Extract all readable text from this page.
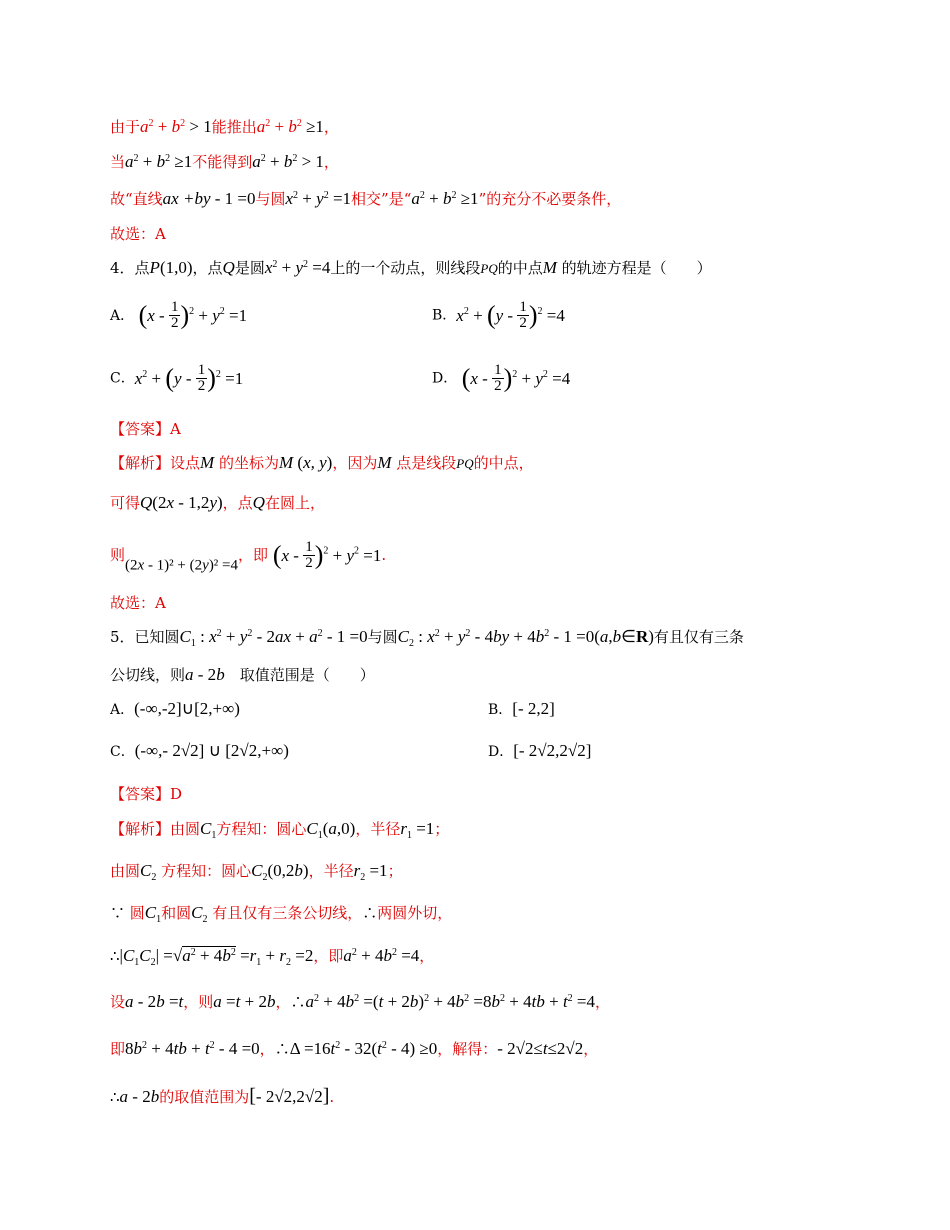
由于$a^2 + b^2 > 1$能推出$a^2 + b^2 \ge 1$，
当$a^2 + b^2 \ge 1$不能得到$a^2 + b^2 > 1$，
故“直线ax +by - 1 =0与圆$x^2 + y^2 =1$相交”是“$a^2 + b^2 \ge 1$”的充分不必要条件，
故选：A
4．点P(1,0)，点Q是圆$x^2 + y^2 =4$上的一个动点，则线段PQ的中点M 的轨迹方程是（　　）
A． $(x - \frac{1}{2} )^2 + y^2 =1$	B．$x^2 + (y - \frac{1}{2} )^2 =4$
C．$x^2 + (y - \frac{1}{2} )^2 =1$	D． $(x - \frac{1}{2} )^2 + y^2 =4$
【答案】A
【解析】设点M 的坐标为M (x, y)，因为M 点是线段PQ的中点，
可得Q(2x - 1,2y)，点Q在圆上，
则(2x - 1)² + (2y)² =4，即 $(x - \frac{1}{2} )^2 + y^2 =1$.
故选：A
5．已知圆$C_1$ : $x^2 + y^2 - 2ax + a^2 - 1 =0$与圆$C_2$ : $x^2 + y^2 - 4by + 4b^2 - 1$ =0(a,b∈R)有且仅有三条
公切线，则a - 2b　取值范围是（　　）
A．(-∞,-2]∪[2,+∞)	B．[- 2,2]
C．(-∞,- 2√2] ∪ [2√2,+∞)	D．[- 2√2,2√2]
【答案】D
【解析】由圆$C_1$方程知：圆心$C_1(a,0)$，半径$r_1 =1$；
由圆$C_2$ 方程知：圆心$C_2(0,2b)$，半径$r_2 =1$；
∵ 圆$C_1$和圆$C_2$ 有且仅有三条公切线，∴两圆外切，
$\therefore|C_1C_2| =√a^2 + 4b^2 =r_1 + r_2 =2$，即$a^2 + 4b^2 =4$，
设a - 2b =t，则a =t + 2b，$\therefore a^2 + 4b^2 =(t + 2b)^2 + 4b^2 =8b^2 + 4tb + t^2 =4$，
即$8b^2 + 4tb + t^2 - 4 =0$，∴Δ $=16t^2 - 32(t^2 - 4) \ge 0$，解得：- 2√2≤t≤2√2，
∴a - 2b的取值范围为[- 2√2,2√2].
